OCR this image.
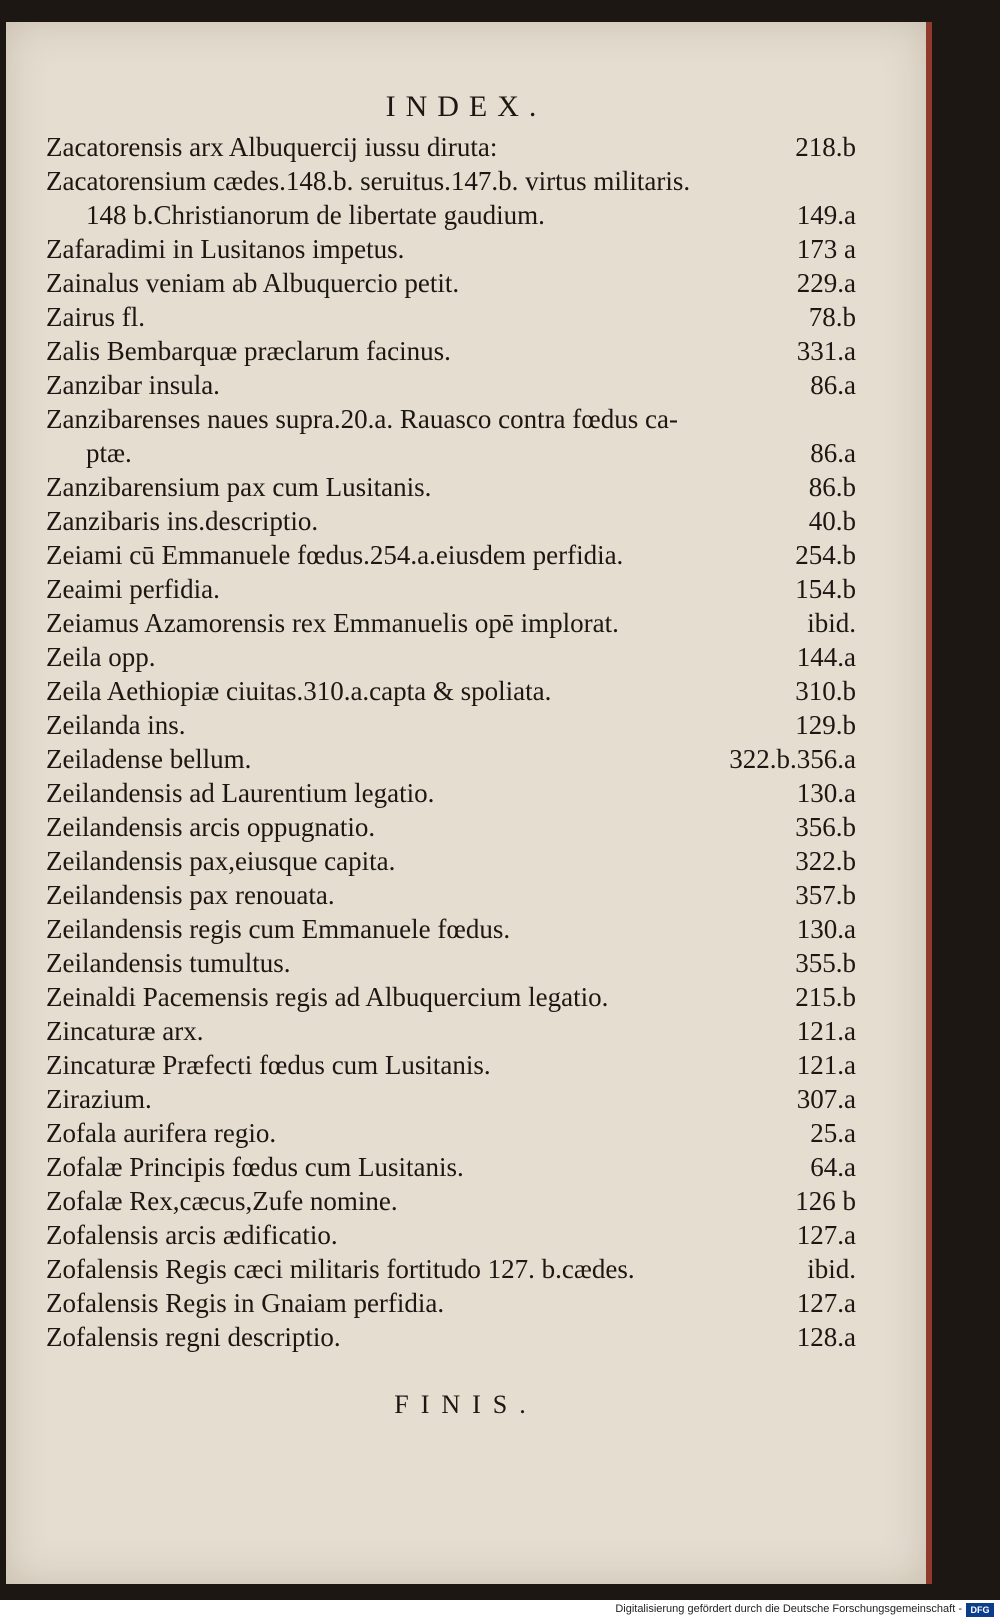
INDEX.
Zacatorensis arx Albuquercij iussu diruta:	218.b
Zacatorensium cædes.148.b. seruitus.147.b. virtus militaris.
148 b.Christianorum de libertate gaudium.	149.a
Zafaradimi in Lusitanos impetus.	173 a
Zainalus veniam ab Albuquercio petit.	229.a
Zairus fl.	78.b
Zalis Bembarquæ præclarum facinus.	331.a
Zanzibar insula.	86.a
Zanzibarenses naues supra.20.a. Rauasco contra fœdus ca-
ptæ.	86.a
Zanzibarensium pax cum Lusitanis.	86.b
Zanzibaris ins.descriptio.	40.b
Zeiami cū Emmanuele fœdus.254.a.eiusdem perfidia.	254.b
Zeaimi perfidia.	154.b
Zeiamus Azamorensis rex Emmanuelis opē implorat.	ibid.
Zeila opp.	144.a
Zeila Aethiopiæ ciuitas.310.a.capta & spoliata.	310.b
Zeilanda ins.	129.b
Zeiladense bellum.	322.b.356.a
Zeilandensis ad Laurentium legatio.	130.a
Zeilandensis arcis oppugnatio.	356.b
Zeilandensis pax,eiusque capita.	322.b
Zeilandensis pax renouata.	357.b
Zeilandensis regis cum Emmanuele fœdus.	130.a
Zeilandensis tumultus.	355.b
Zeinaldi Pacemensis regis ad Albuquercium legatio.	215.b
Zincaturæ arx.	121.a
Zincaturæ Præfecti fœdus cum Lusitanis.	121.a
Zirazium.	307.a
Zofala aurifera regio.	25.a
Zofalæ Principis fœdus cum Lusitanis.	64.a
Zofalæ Rex,cæcus,Zufe nomine.	126 b
Zofalensis arcis ædificatio.	127.a
Zofalensis Regis cæci militaris fortitudo 127. b.cædes.	ibid.
Zofalensis Regis in Gnaiam perfidia.	127.a
Zofalensis regni descriptio.	128.a
FINIS.
Digitalisierung gefördert durch die Deutsche Forschungsgemeinschaft - DFG
